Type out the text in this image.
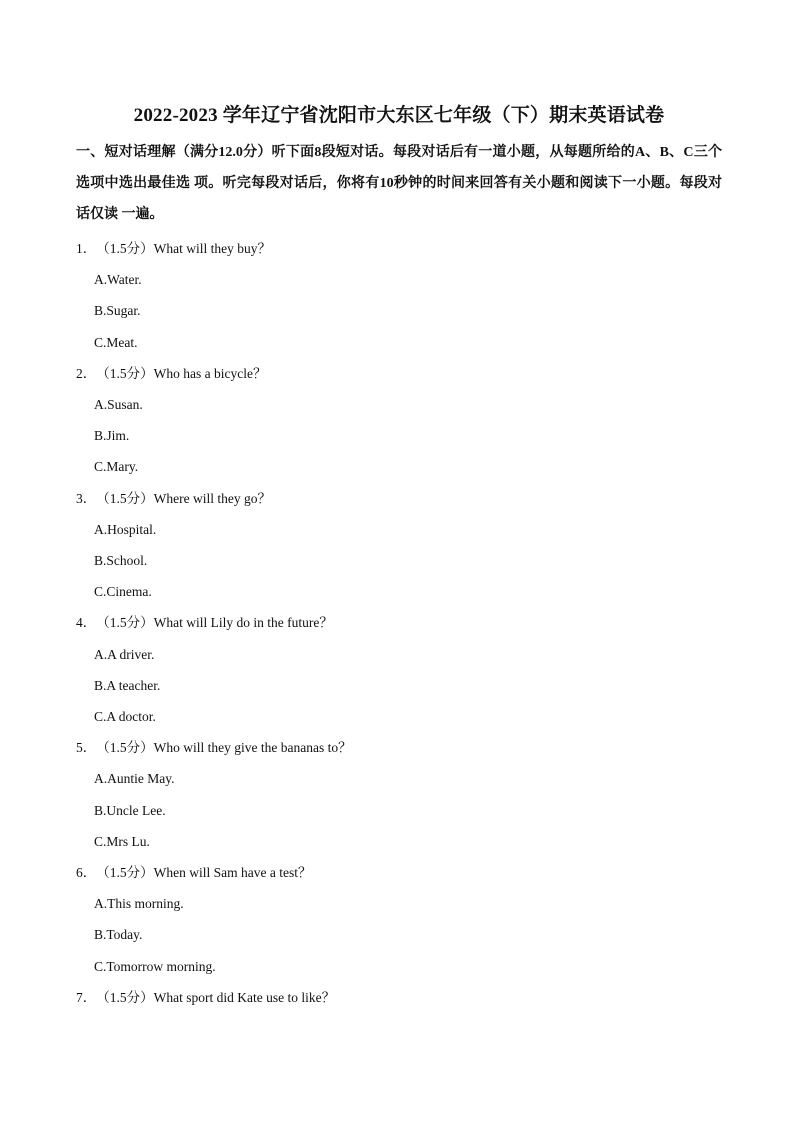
2022-2023 学年辽宁省沈阳市大东区七年级（下）期末英语试卷

一、短对话理解（满分12.0分）听下面8段短对话。每段对话后有一道小题，从每题所给的A、B、C三个选项中选出最佳选 项。听完每段对话后，你将有10秒钟的时间来回答有关小题和阅读下一小题。每段对话仅读 一遍。

1．（1.5分）What will they buy？

A.Water.

B.Sugar.

C.Meat.

2．（1.5分）Who has a bicycle？

A.Susan.

B.Jim.

C.Mary.

3．（1.5分）Where will they go？

A.Hospital.

B.School.

C.Cinema.

4．（1.5分）What will Lily do in the future？

A.A driver.

B.A teacher.

C.A doctor.

5．（1.5分）Who will they give the bananas to？

A.Auntie May.

B.Uncle Lee.

C.Mrs Lu.

6．（1.5分）When will Sam have a test？

A.This morning.

B.Today.

C.Tomorrow morning.

7．（1.5分）What sport did Kate use to like？
